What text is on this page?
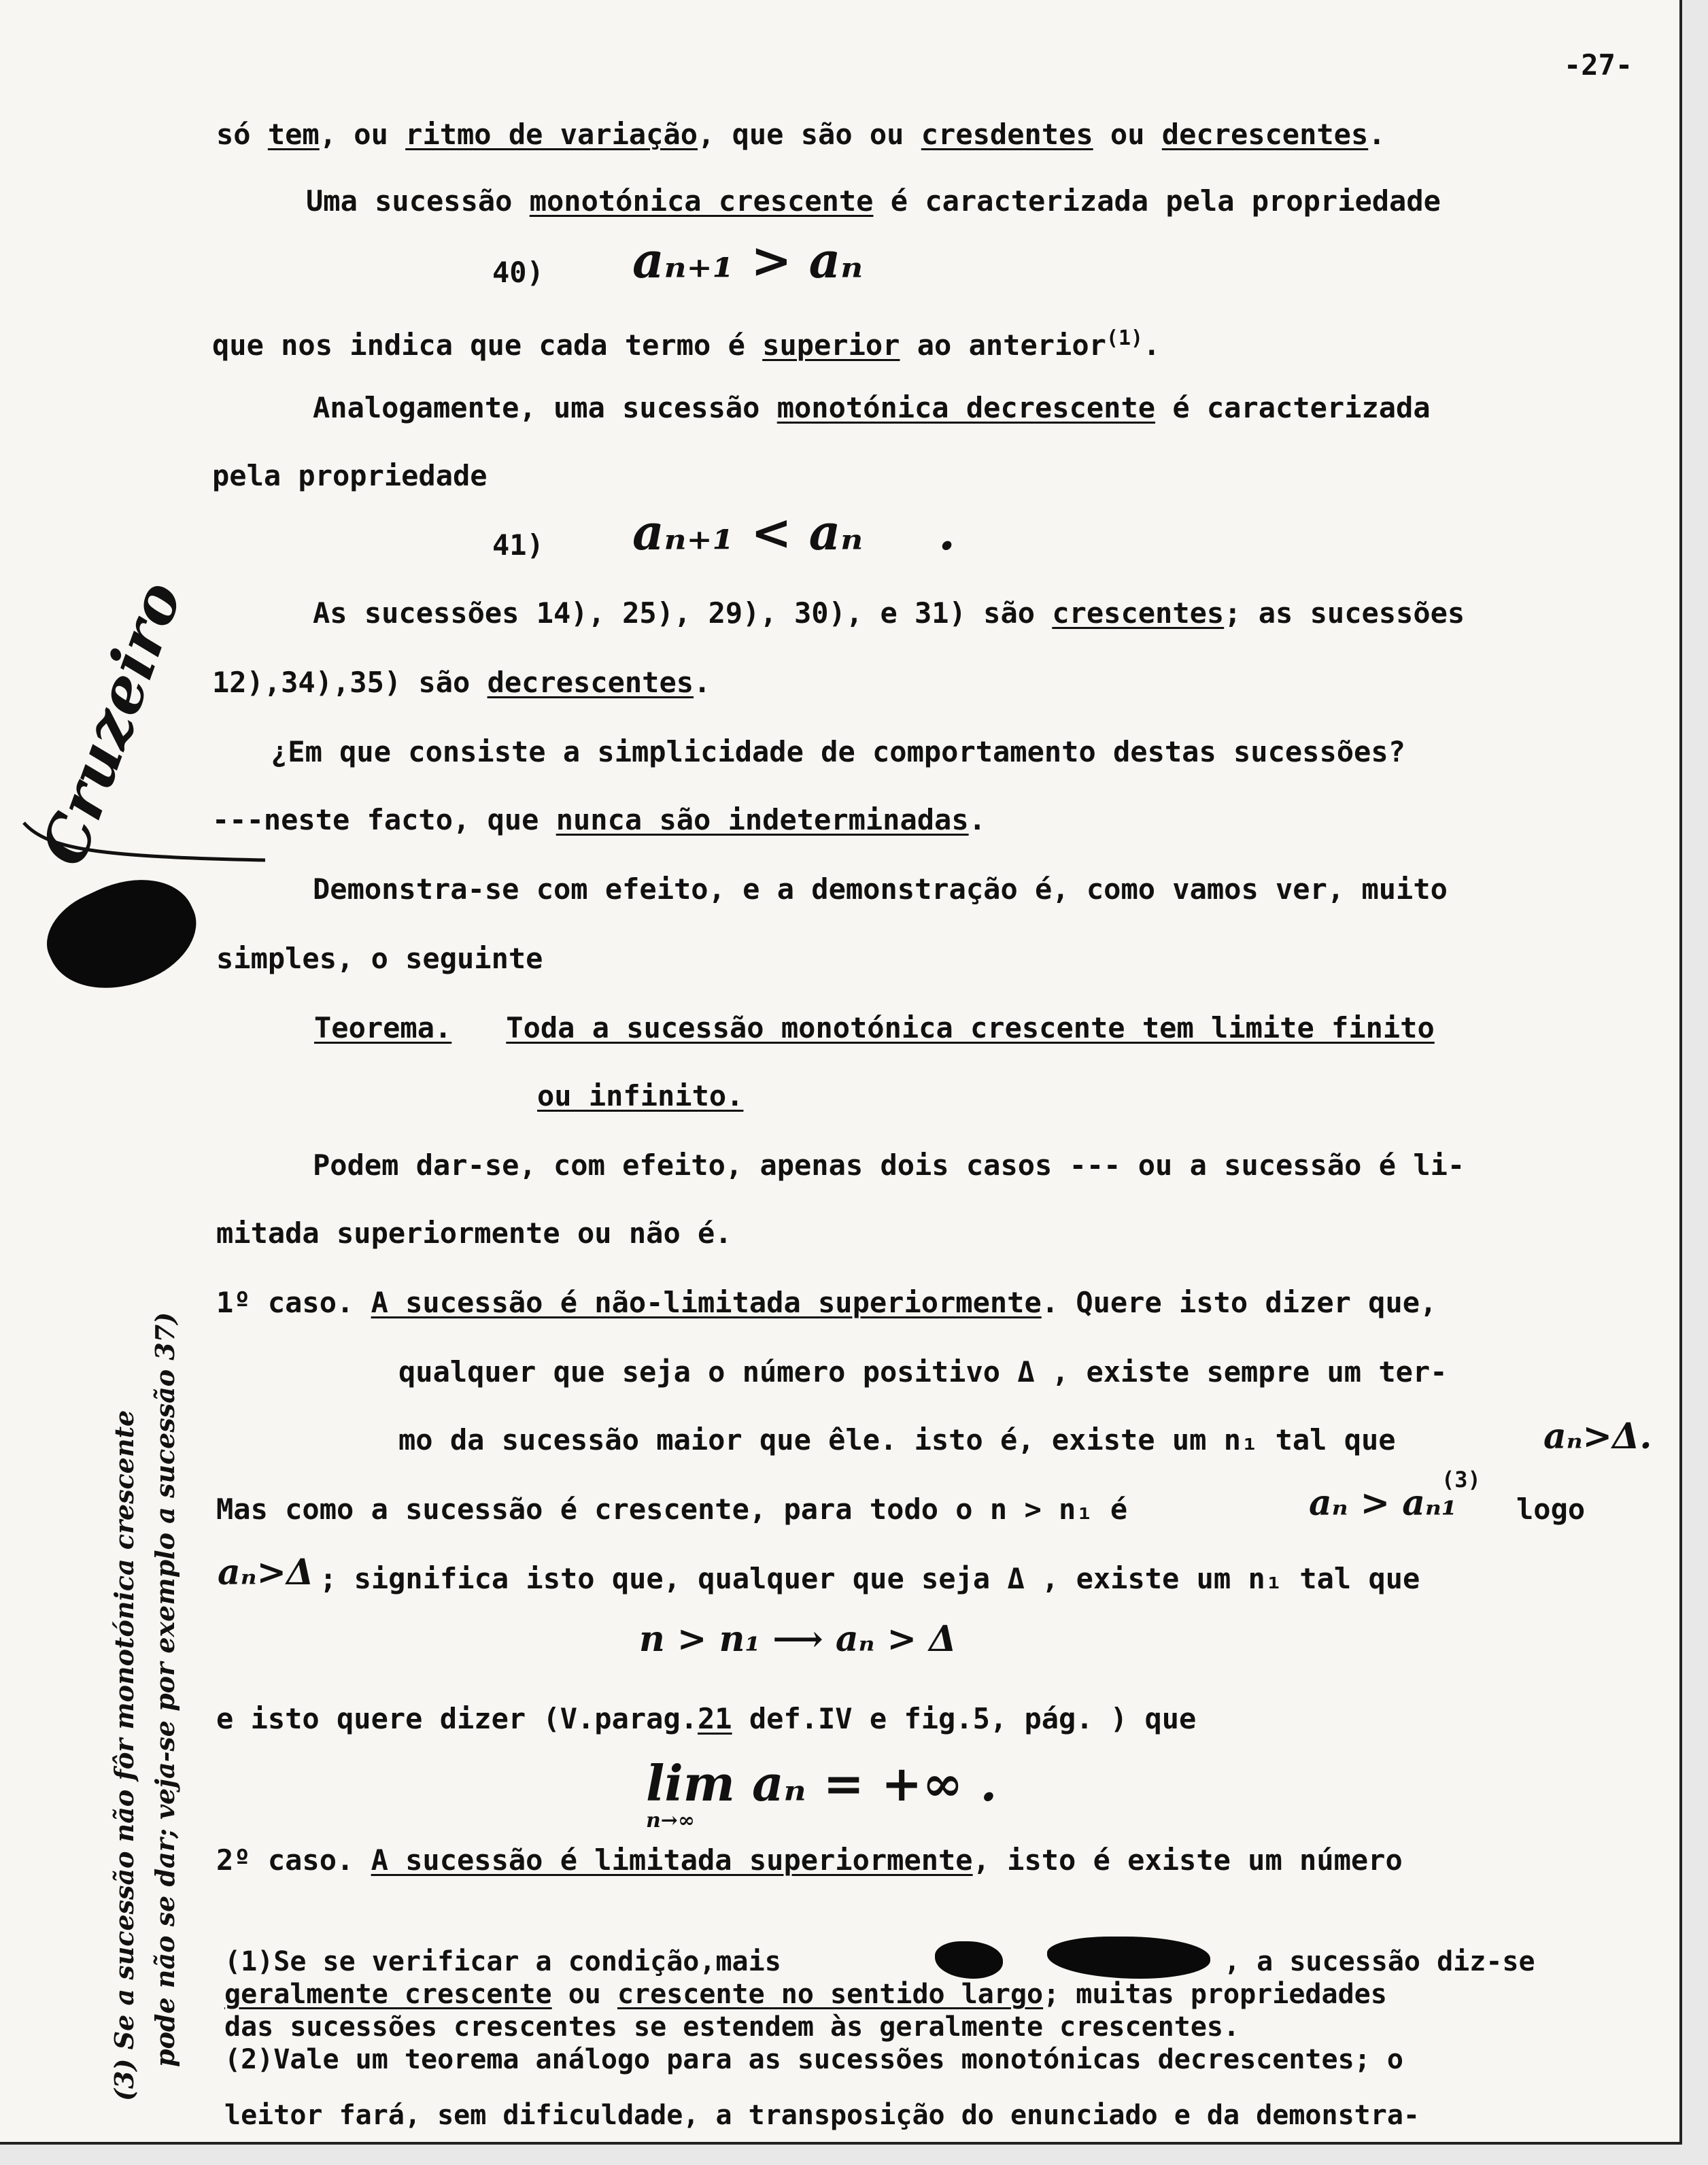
-27-
só tem, ou ritmo de variação, que são ou cresdentes ou decrescentes.
Uma sucessão monotónica crescente é caracterizada pela propriedade
40) aₙ₊₁ > aₙ
que nos indica que cada termo é superior ao anterior$^{(1)}$.
Analogamente, uma sucessão monotónica decrescente é caracterizada
pela propriedade
41) aₙ₊₁ < aₙ .
As sucessões 14), 25), 29), 30), e 31) são crescentes; as sucessões
12),34),35) são decrescentes.
¿Em que consiste a simplicidade de comportamento destas sucessões?
---neste facto, que nunca são indeterminadas.
Demonstra-se com efeito, e a demonstração é, como vamos ver, muito
simples, o seguinte
Teorema. Toda a sucessão monotónica crescente tem limite finito
ou infinito.
Podem dar-se, com efeito, apenas dois casos --- ou a sucessão é li-
mitada superiormente ou não é.
1º caso. A sucessão é não-limitada superiormente. Quere isto dizer que,
qualquer que seja o número positivo Δ , existe sempre um ter-
mo da sucessão maior que êle. isto é, existe um n₁ tal que	aₙ>Δ.
Mas como a sucessão é crescente, para todo o n > n₁ é	aₙ > aₙ₁
(3)
logo
aₙ>Δ ; significa isto que, qualquer que seja Δ , existe um n₁ tal que
n > n₁ ⟶ aₙ > Δ
e isto quere dizer (V.parag.21 def.IV e fig.5, pág. ) que
lim aₙ = +∞ .
n→∞
2º caso. A sucessão é limitada superiormente, isto é existe um número
(1)Se se verificar a condição,mais	, a sucessão diz-se
geralmente crescente ou crescente no sentido largo; muitas propriedades
das sucessões crescentes se estendem às geralmente crescentes.
(2)Vale um teorema análogo para as sucessões monotónicas decrescentes; o
leitor fará, sem dificuldade, a transposição do enunciado e da demonstra-
Cruzeiro
(3) Se a sucessão não fôr monotónica crescente pode não se dar; veja-se por exemplo a sucessão 37)
